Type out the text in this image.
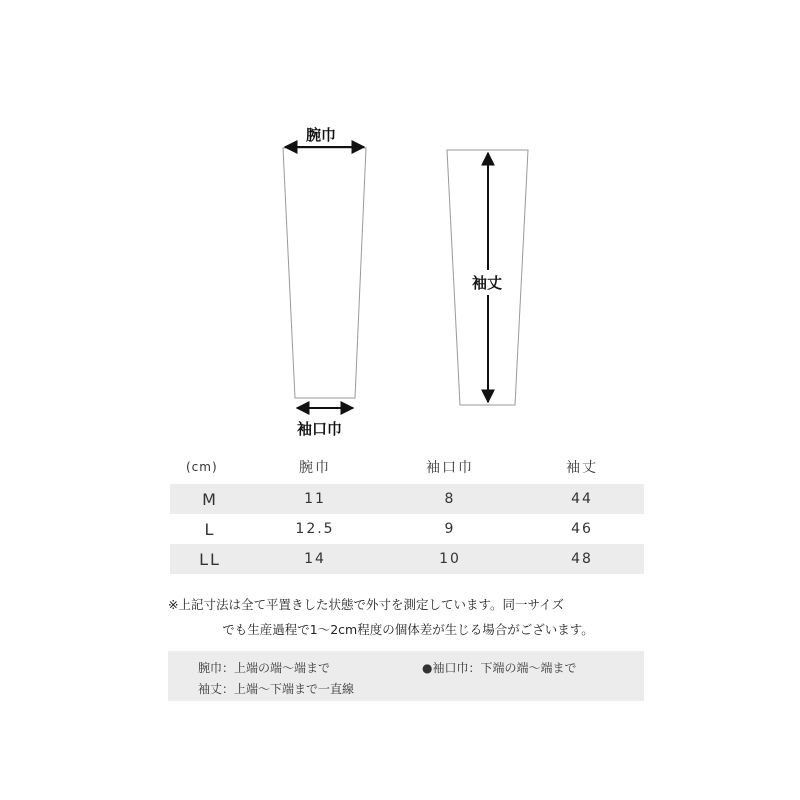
腕巾
袖口巾
袖丈
(cm)	腕巾	袖口巾	袖丈
M	11	8	44
L	12.5	9	46
LL	14	10	48

※上記寸法は全て平置きした状態で外寸を測定しています。同一サイズ

でも生産過程で1〜2cm程度の個体差が生じる場合がございます。

腕巾：上端の端〜端まで	●袖口巾：下端の端〜端まで
袖丈：上端〜下端まで一直線
